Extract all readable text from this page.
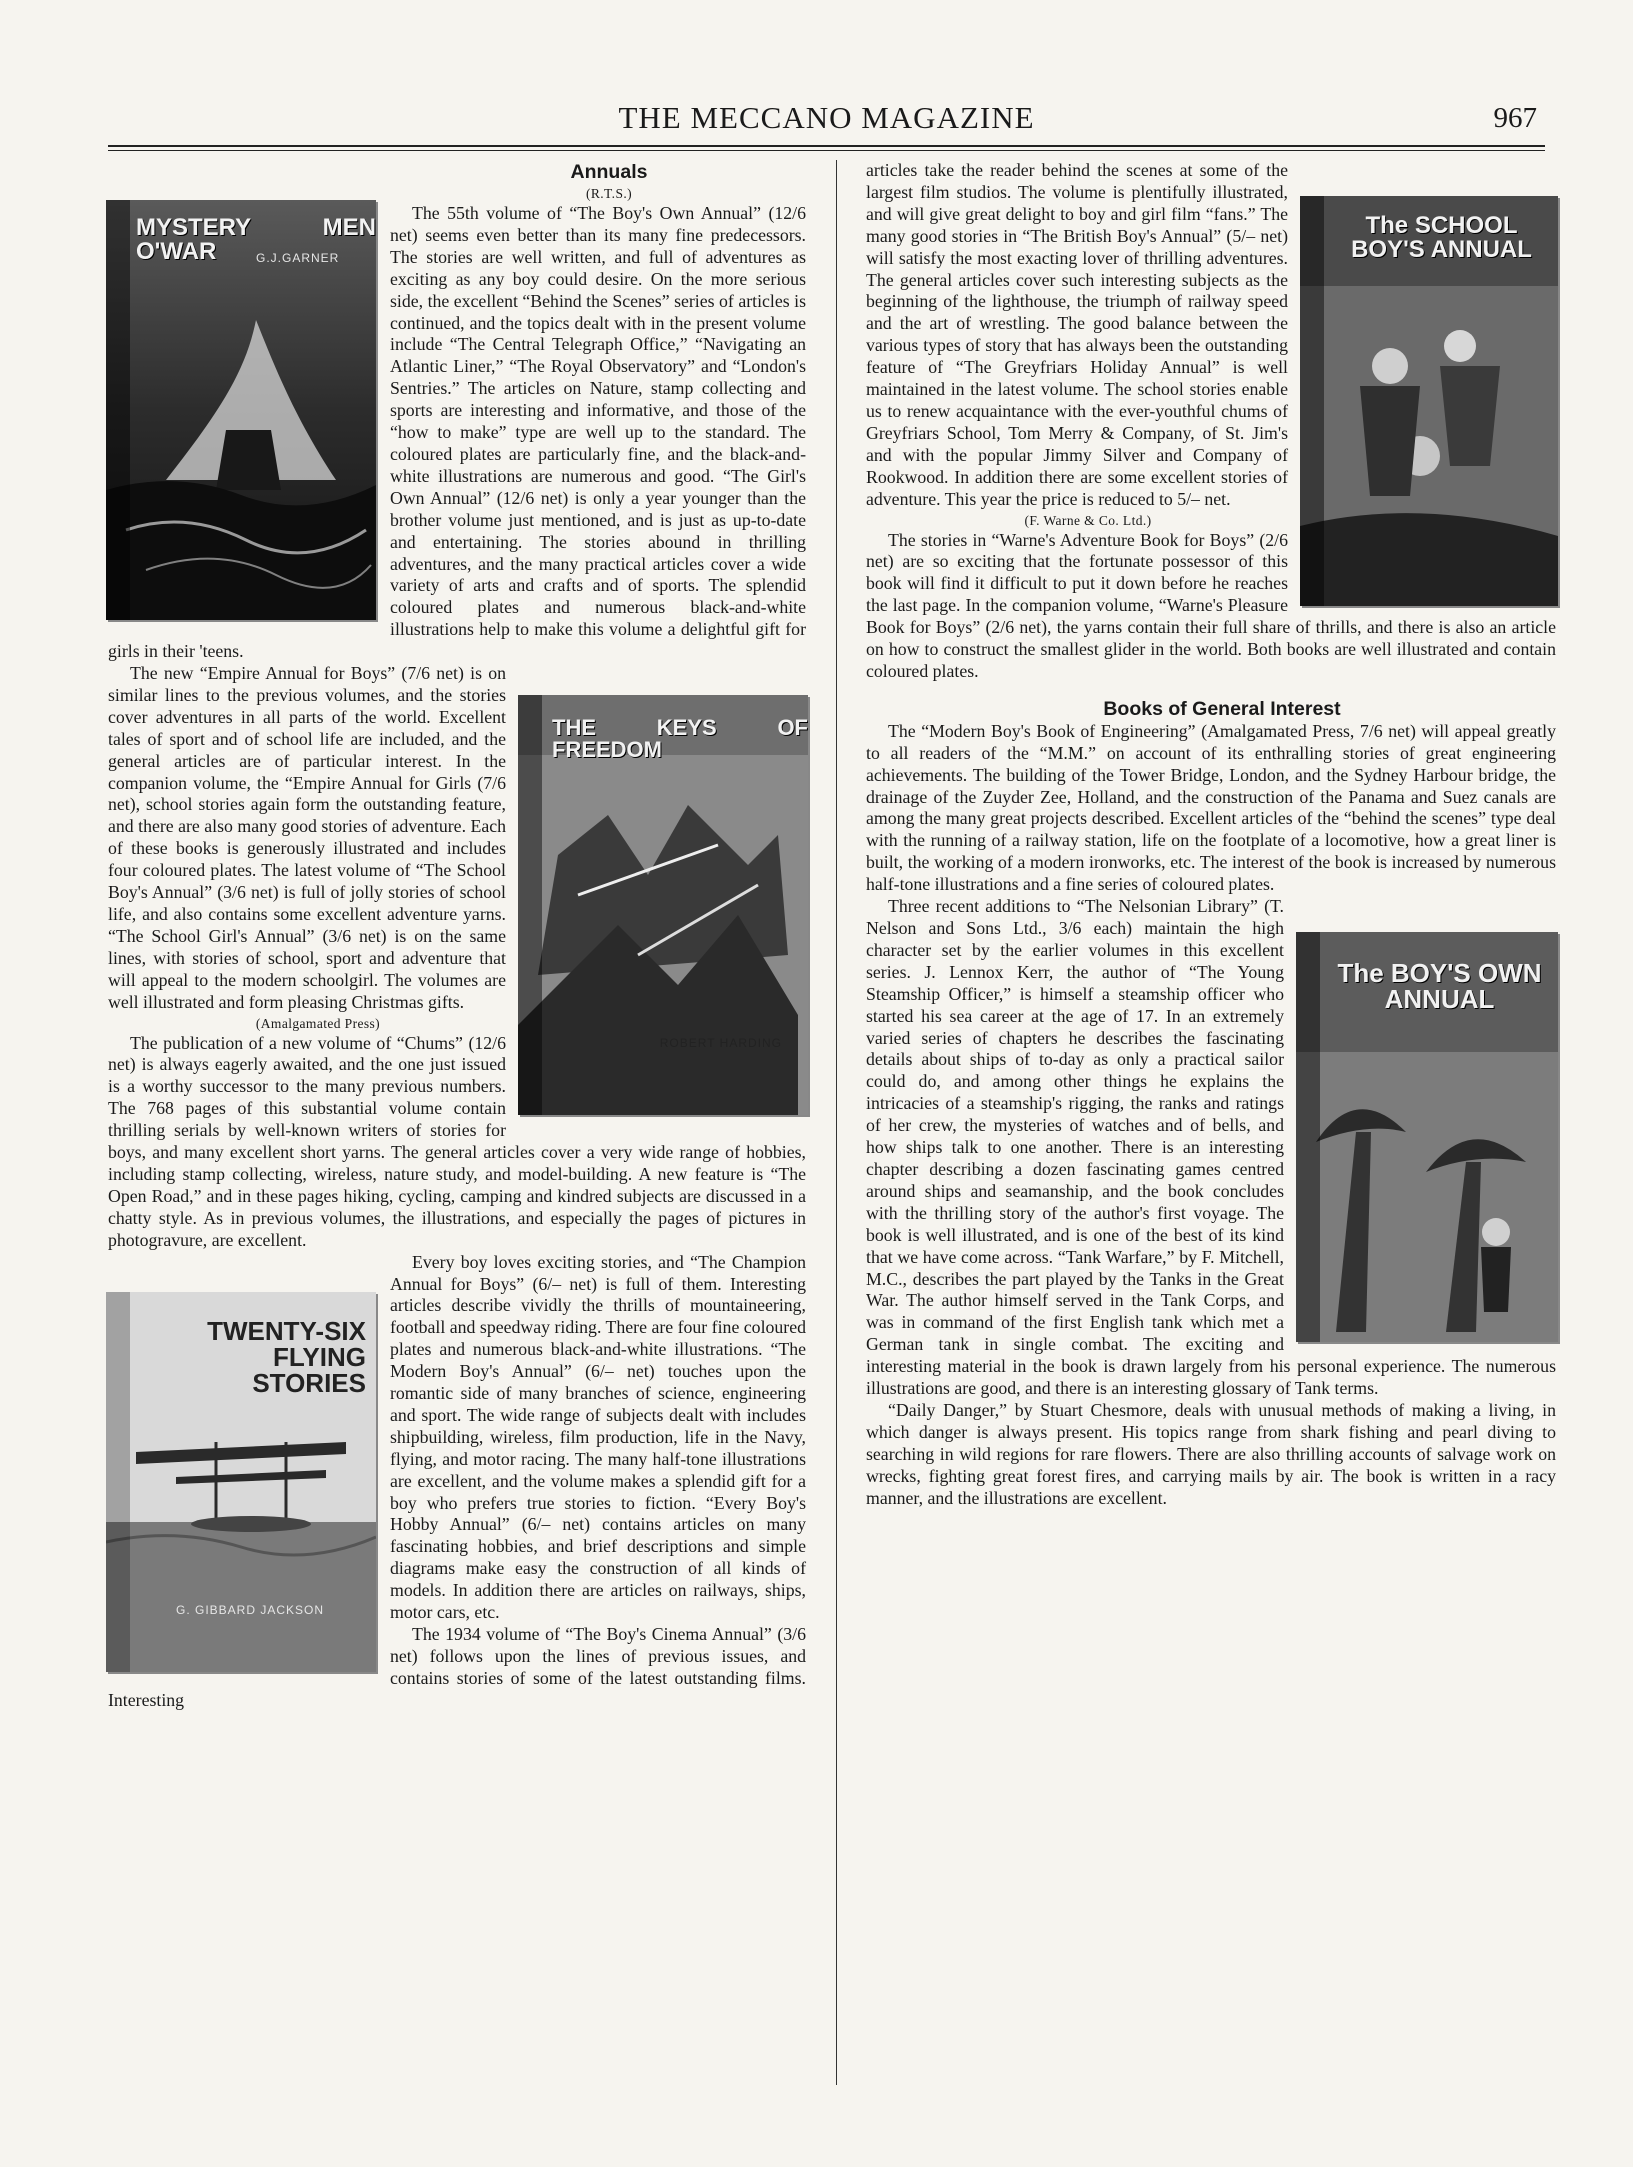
THE MECCANO MAGAZINE	967
MYSTERY MEN O'WAR	G.J.GARNER

Annuals

(R.T.S.)

The 55th volume of “The Boy's Own Annual” (12/6 net) seems even better than its many fine predecessors. The stories are well written, and full of adventures as exciting as any boy could desire. On the more serious side, the excellent “Behind the Scenes” series of articles is continued, and the topics dealt with in the present volume include “The Central Telegraph Office,” “Navigating an Atlantic Liner,” “The Royal Observatory” and “London's Sentries.” The articles on Nature, stamp collecting and sports are interesting and informative, and those of the “how to make” type are well up to the standard. The coloured plates are particularly fine, and the black-and-white illustrations are numerous and good. “The Girl's Own Annual” (12/6 net) is only a year younger than the brother volume just mentioned, and is just as up-to-date and entertaining. The stories abound in thrilling adventures, and the many practical articles cover a wide variety of arts and crafts and of sports. The splendid coloured plates and numerous black-and-white illustrations help to make this volume a delightful gift for girls in their 'teens.

THE KEYS OF FREEDOM
ROBERT HARDING

The new “Empire Annual for Boys” (7/6 net) is on similar lines to the previous volumes, and the stories cover adventures in all parts of the world. Excellent tales of sport and of school life are included, and the general articles are of particular interest. In the companion volume, the “Empire Annual for Girls (7/6 net), school stories again form the outstanding feature, and there are also many good stories of adventure. Each of these books is generously illustrated and includes four coloured plates. The latest volume of “The School Boy's Annual” (3/6 net) is full of jolly stories of school life, and also contains some excellent adventure yarns. “The School Girl's Annual” (3/6 net) is on the same lines, with stories of school, sport and adventure that will appeal to the modern schoolgirl. The volumes are well illustrated and form pleasing Christmas gifts.

(Amalgamated Press)

The publication of a new volume of “Chums” (12/6 net) is always eagerly awaited, and the one just issued is a worthy successor to the many previous numbers. The 768 pages of this substantial volume contain thrilling serials by well-known writers of stories for boys, and many excellent short yarns. The general articles cover a very wide range of hobbies, including stamp collecting, wireless, nature study, and model-building. A new feature is “The Open Road,” and in these pages hiking, cycling, camping and kindred subjects are discussed in a chatty style. As in previous volumes, the illustrations, and especially the pages of pictures in photogravure, are excellent.

TWENTY-SIX FLYING STORIES
G. GIBBARD JACKSON

Every boy loves exciting stories, and “The Champion Annual for Boys” (6/– net) is full of them. Interesting articles describe vividly the thrills of mountaineering, football and speedway riding. There are four fine coloured plates and numerous black-and-white illustrations. “The Modern Boy's Annual” (6/– net) touches upon the romantic side of many branches of science, engineering and sport. The wide range of subjects dealt with includes shipbuilding, wireless, film production, life in the Navy, flying, and motor racing. The many half-tone illustrations are excellent, and the volume makes a splendid gift for a boy who prefers true stories to fiction. “Every Boy's Hobby Annual” (6/– net) contains articles on many fascinating hobbies, and brief descriptions and simple diagrams make easy the construction of all kinds of models. In addition there are articles on railways, ships, motor cars, etc.

The 1934 volume of “The Boy's Cinema Annual” (3/6 net) follows upon the lines of previous issues, and contains stories of some of the latest outstanding films. Interesting

The SCHOOL BOY'S ANNUAL

articles take the reader behind the scenes at some of the largest film studios. The volume is plentifully illustrated, and will give great delight to boy and girl film “fans.” The many good stories in “The British Boy's Annual” (5/– net) will satisfy the most exacting lover of thrilling adventures. The general articles cover such interesting subjects as the beginning of the lighthouse, the triumph of railway speed and the art of wrestling. The good balance between the various types of story that has always been the outstanding feature of “The Greyfriars Holiday Annual” is well maintained in the latest volume. The school stories enable us to renew acquaintance with the ever-youthful chums of Greyfriars School, Tom Merry & Company, of St. Jim's and with the popular Jimmy Silver and Company of Rookwood. In addition there are some excellent stories of adventure. This year the price is reduced to 5/– net.

(F. Warne & Co. Ltd.)

The stories in “Warne's Adventure Book for Boys” (2/6 net) are so exciting that the fortunate possessor of this book will find it difficult to put it down before he reaches the last page. In the companion volume, “Warne's Pleasure Book for Boys” (2/6 net), the yarns contain their full share of thrills, and there is also an article on how to construct the smallest glider in the world. Both books are well illustrated and contain coloured plates.

Books of General Interest

The “Modern Boy's Book of Engineering” (Amalgamated Press, 7/6 net) will appeal greatly to all readers of the “M.M.” on account of its enthralling stories of great engineering achievements. The building of the Tower Bridge, London, and the Sydney Harbour bridge, the drainage of the Zuyder Zee, Holland, and the construction of the Panama and Suez canals are among the many great projects described. Excellent articles of the “behind the scenes” type deal with the running of a railway station, life on the footplate of a locomotive, how a great liner is built, the working of a modern ironworks, etc. The interest of the book is increased by numerous half-tone illustrations and a fine series of coloured plates.

The BOY'S OWN ANNUAL

Three recent additions to “The Nelsonian Library” (T. Nelson and Sons Ltd., 3/6 each) maintain the high character set by the earlier volumes in this excellent series. J. Lennox Kerr, the author of “The Young Steamship Officer,” is himself a steamship officer who started his sea career at the age of 17. In an extremely varied series of chapters he describes the fascinating details about ships of to-day as only a practical sailor could do, and among other things he explains the intricacies of a steamship's rigging, the ranks and ratings of her crew, the mysteries of watches and of bells, and how ships talk to one another. There is an interesting chapter describing a dozen fascinating games centred around ships and seamanship, and the book concludes with the thrilling story of the author's first voyage. The book is well illustrated, and is one of the best of its kind that we have come across. “Tank Warfare,” by F. Mitchell, M.C., describes the part played by the Tanks in the Great War. The author himself served in the Tank Corps, and was in command of the first English tank which met a German tank in single combat. The exciting and interesting material in the book is drawn largely from his personal experience. The numerous illustrations are good, and there is an interesting glossary of Tank terms.

“Daily Danger,” by Stuart Chesmore, deals with unusual methods of making a living, in which danger is always present. His topics range from shark fishing and pearl diving to searching in wild regions for rare flowers. There are also thrilling accounts of salvage work on wrecks, fighting great forest fires, and carrying mails by air. The book is written in a racy manner, and the illustrations are excellent.
